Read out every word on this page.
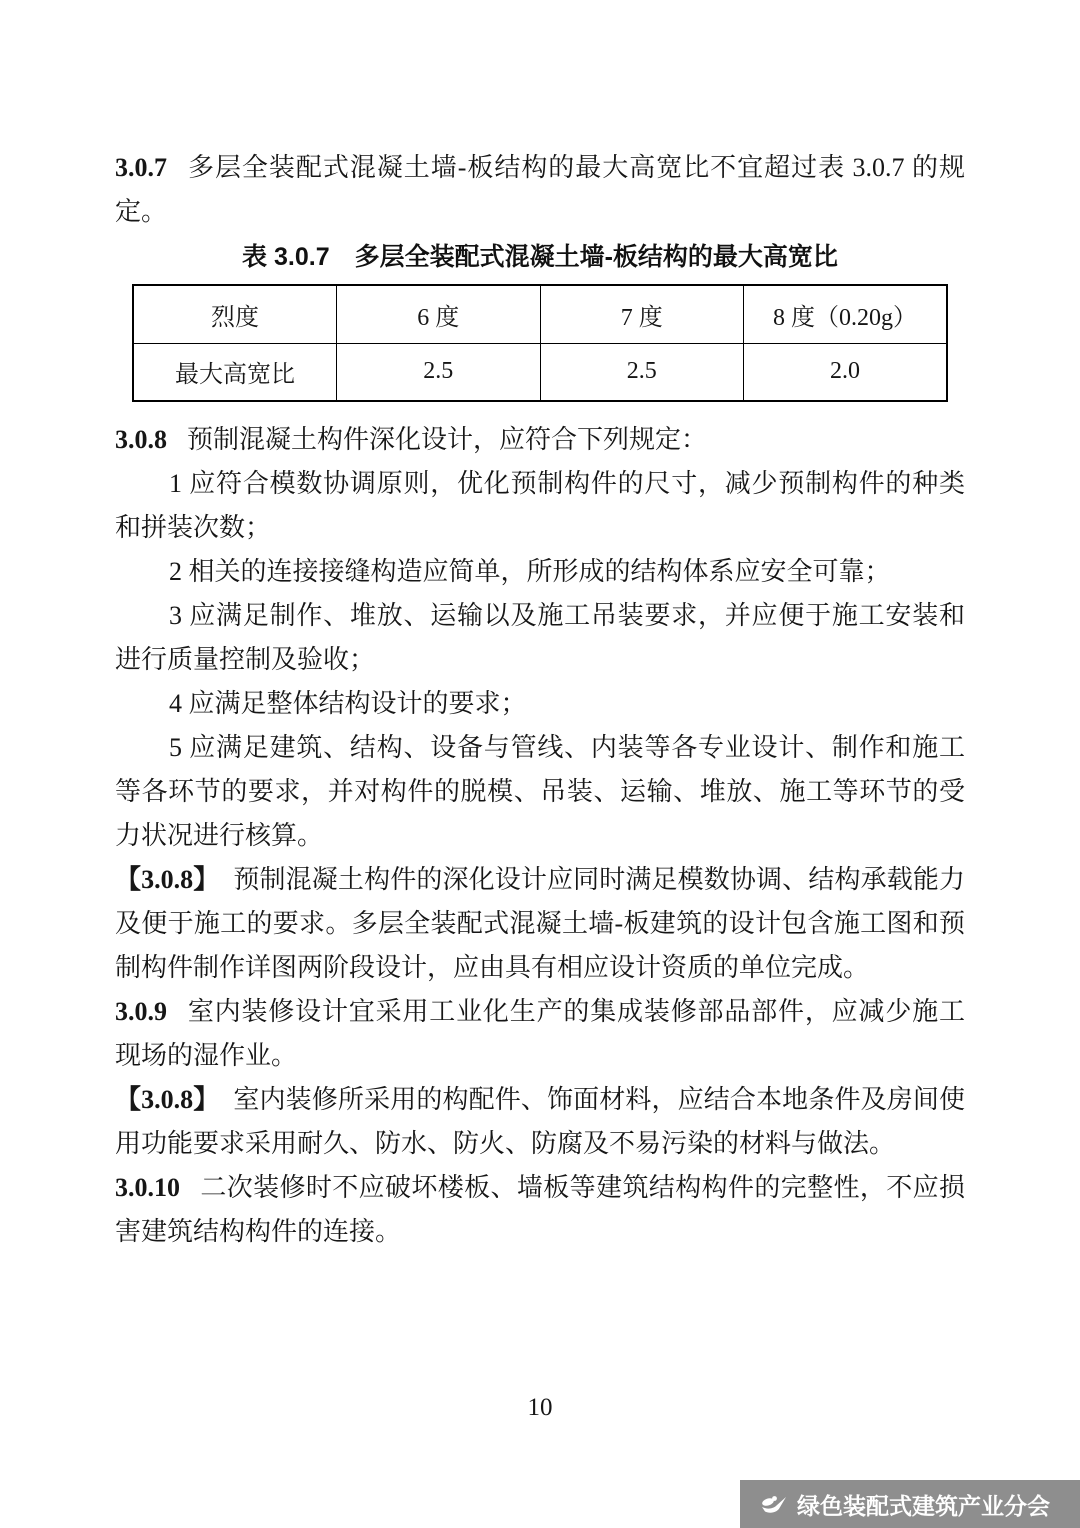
3.0.7 多层全装配式混凝土墙-板结构的最大高宽比不宜超过表 3.0.7 的规定。

表 3.0.7　多层全装配式混凝土墙-板结构的最大高宽比
烈度	6 度	7 度	8 度（0.20g）
最大高宽比	2.5	2.5	2.0

3.0.8 预制混凝土构件深化设计，应符合下列规定：

1 应符合模数协调原则，优化预制构件的尺寸，减少预制构件的种类和拼装次数；

2 相关的连接接缝构造应简单，所形成的结构体系应安全可靠；

3 应满足制作、堆放、运输以及施工吊装要求，并应便于施工安装和进行质量控制及验收；

4 应满足整体结构设计的要求；

5 应满足建筑、结构、设备与管线、内装等各专业设计、制作和施工等各环节的要求，并对构件的脱模、吊装、运输、堆放、施工等环节的受力状况进行核算。

【3.0.8】 预制混凝土构件的深化设计应同时满足模数协调、结构承载能力及便于施工的要求。多层全装配式混凝土墙-板建筑的设计包含施工图和预制构件制作详图两阶段设计，应由具有相应设计资质的单位完成。

3.0.9 室内装修设计宜采用工业化生产的集成装修部品部件，应减少施工现场的湿作业。

【3.0.8】 室内装修所采用的构配件、饰面材料，应结合本地条件及房间使用功能要求采用耐久、防水、防火、防腐及不易污染的材料与做法。

3.0.10 二次装修时不应破坏楼板、墙板等建筑结构构件的完整性，不应损害建筑结构构件的连接。

10
绿色装配式建筑产业分会
